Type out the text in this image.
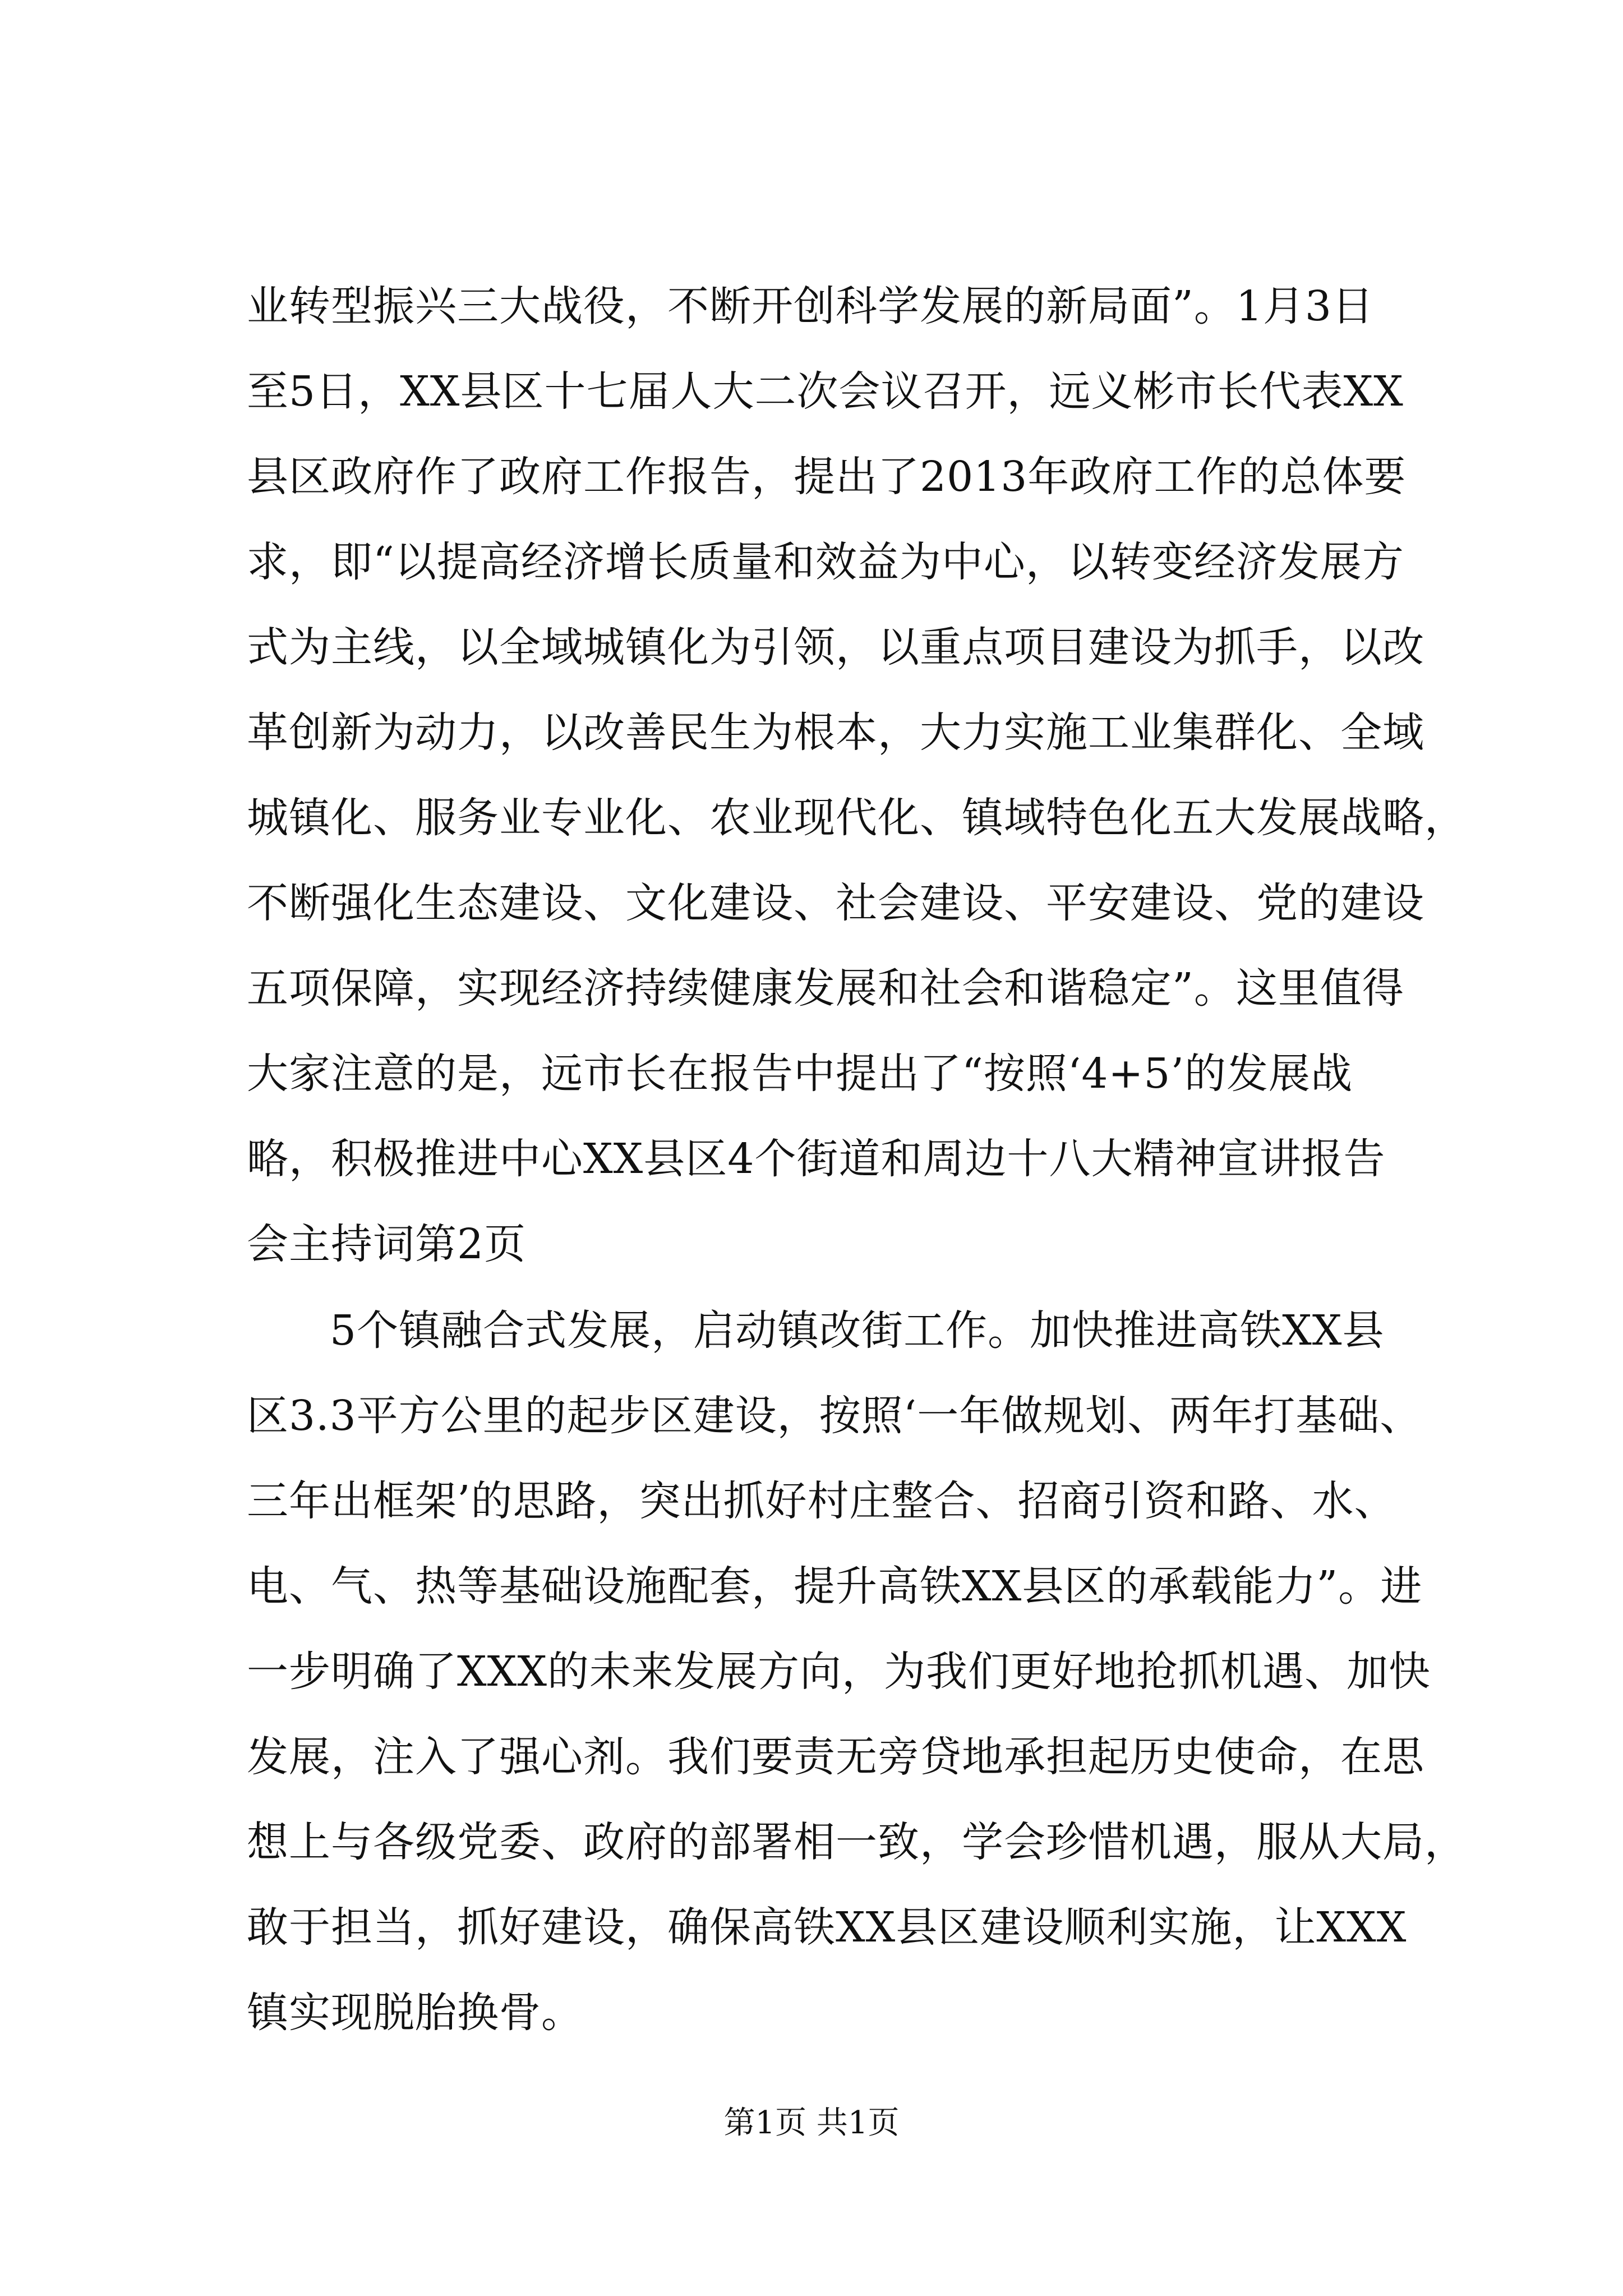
业转型振兴三大战役，不断开创科学发展的新局面”。1月3日
至5日，XX县区十七届人大二次会议召开，远义彬市长代表XX
县区政府作了政府工作报告，提出了2013年政府工作的总体要
求，即“以提高经济增长质量和效益为中心，以转变经济发展方
式为主线，以全域城镇化为引领，以重点项目建设为抓手，以改
革创新为动力，以改善民生为根本，大力实施工业集群化、全域
城镇化、服务业专业化、农业现代化、镇域特色化五大发展战略，
不断强化生态建设、文化建设、社会建设、平安建设、党的建设
五项保障，实现经济持续健康发展和社会和谐稳定”。这里值得
大家注意的是，远市长在报告中提出了“按照‘4+5’的发展战
略，积极推进中心XX县区4个街道和周边十八大精神宣讲报告
会主持词第2页
5个镇融合式发展，启动镇改街工作。加快推进高铁XX县
区3.3平方公里的起步区建设，按照‘一年做规划、两年打基础、
三年出框架’的思路，突出抓好村庄整合、招商引资和路、水、
电、气、热等基础设施配套，提升高铁XX县区的承载能力”。进
一步明确了XXX的未来发展方向，为我们更好地抢抓机遇、加快
发展，注入了强心剂。我们要责无旁贷地承担起历史使命，在思
想上与各级党委、政府的部署相一致，学会珍惜机遇，服从大局，
敢于担当，抓好建设，确保高铁XX县区建设顺利实施，让XXX
镇实现脱胎换骨。
第1页 共1页
